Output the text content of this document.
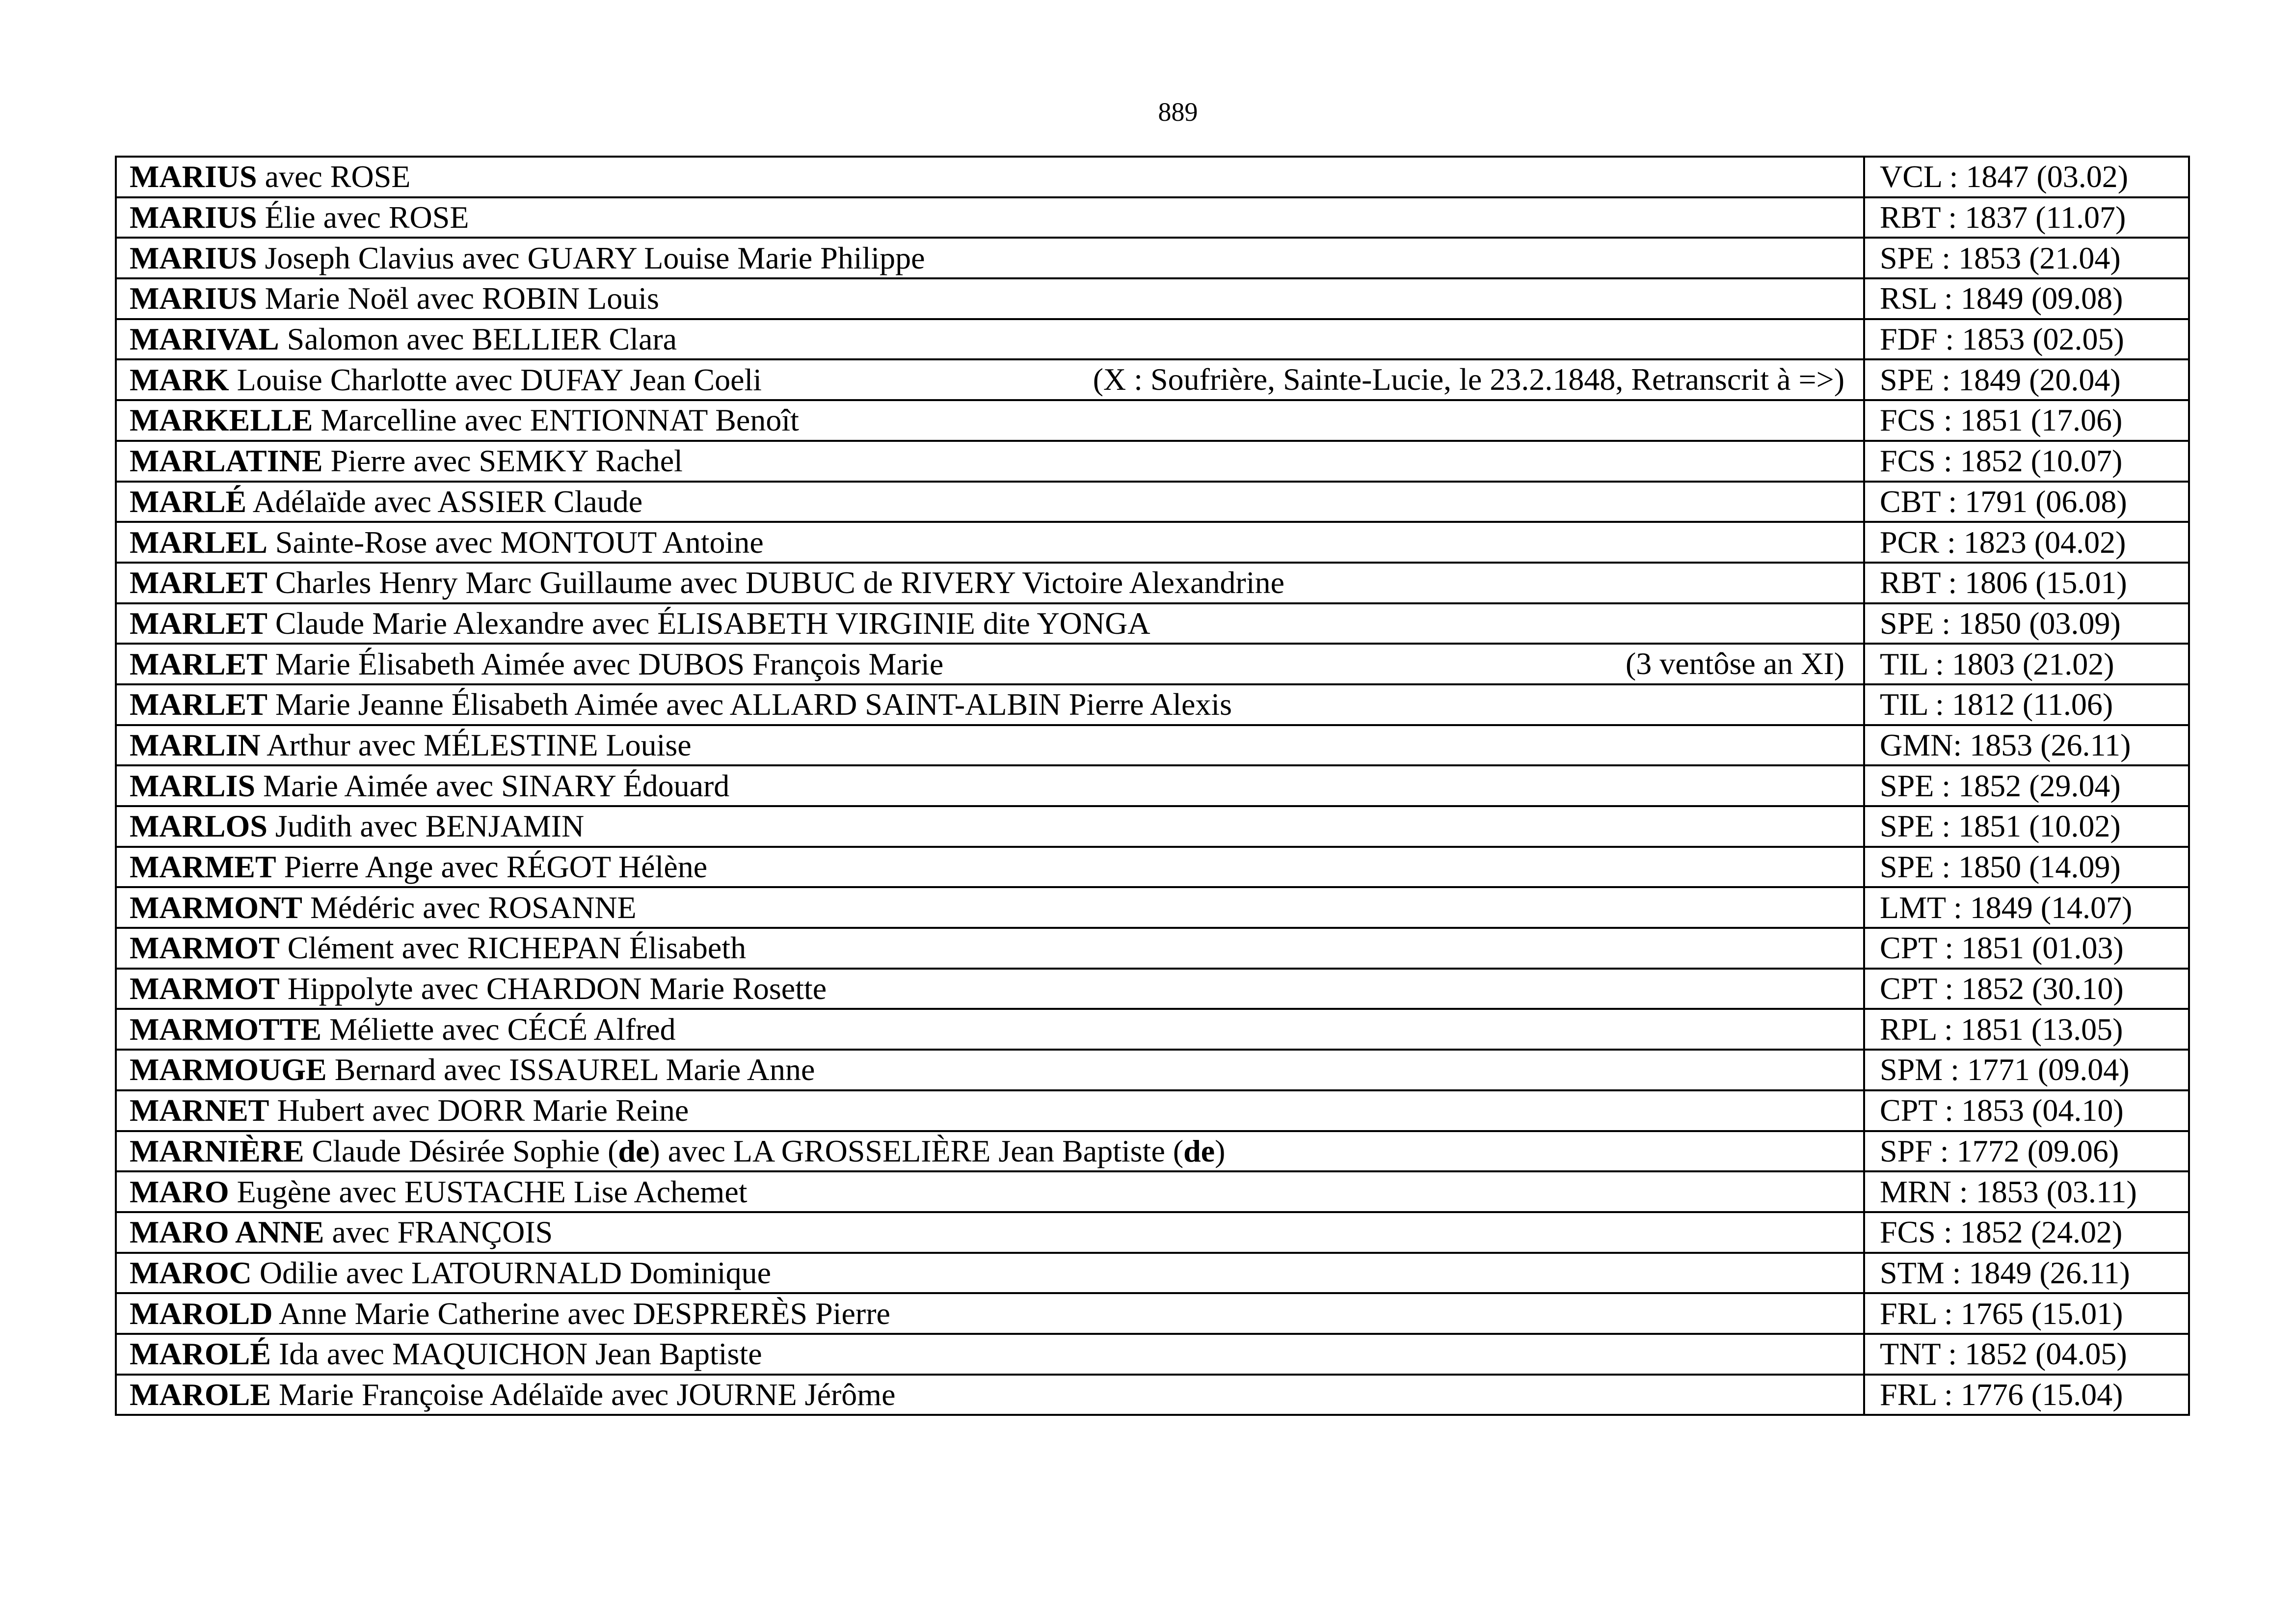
889
MARIUS avec ROSE	VCL : 1847 (03.02)
MARIUS Élie avec ROSE	RBT : 1837 (11.07)
MARIUS Joseph Clavius avec GUARY Louise Marie Philippe	SPE : 1853 (21.04)
MARIUS Marie Noël avec ROBIN Louis	RSL : 1849 (09.08)
MARIVAL Salomon avec BELLIER Clara	FDF : 1853 (02.05)
MARK Louise Charlotte avec DUFAY Jean Coeli (X : Soufrière, Sainte-Lucie, le 23.2.1848, Retranscrit à =>)	SPE : 1849 (20.04)
MARKELLE Marcelline avec ENTIONNAT Benoît	FCS : 1851 (17.06)
MARLATINE Pierre avec SEMKY Rachel	FCS : 1852 (10.07)
MARLÉ Adélaïde avec ASSIER Claude	CBT : 1791 (06.08)
MARLEL Sainte-Rose avec MONTOUT Antoine	PCR : 1823 (04.02)
MARLET Charles Henry Marc Guillaume avec DUBUC de RIVERY Victoire Alexandrine	RBT : 1806 (15.01)
MARLET Claude Marie Alexandre avec ÉLISABETH VIRGINIE dite YONGA	SPE : 1850 (03.09)
MARLET Marie Élisabeth Aimée avec DUBOS François Marie (3 ventôse an XI)	TIL : 1803 (21.02)
MARLET Marie Jeanne Élisabeth Aimée avec ALLARD SAINT-ALBIN Pierre Alexis	TIL : 1812 (11.06)
MARLIN Arthur avec MÉLESTINE Louise	GMN: 1853 (26.11)
MARLIS Marie Aimée avec SINARY Édouard	SPE : 1852 (29.04)
MARLOS Judith avec BENJAMIN	SPE : 1851 (10.02)
MARMET Pierre Ange avec RÉGOT Hélène	SPE : 1850 (14.09)
MARMONT Médéric avec ROSANNE	LMT : 1849 (14.07)
MARMOT Clément avec RICHEPAN Élisabeth	CPT : 1851 (01.03)
MARMOT Hippolyte avec CHARDON Marie Rosette	CPT : 1852 (30.10)
MARMOTTE Méliette avec CÉCÉ Alfred	RPL : 1851 (13.05)
MARMOUGE Bernard avec ISSAUREL Marie Anne	SPM : 1771 (09.04)
MARNET Hubert avec DORR Marie Reine	CPT : 1853 (04.10)
MARNIÈRE Claude Désirée Sophie (de) avec LA GROSSELIÈRE Jean Baptiste (de)	SPF : 1772 (09.06)
MARO Eugène avec EUSTACHE Lise Achemet	MRN : 1853 (03.11)
MARO ANNE avec FRANÇOIS	FCS : 1852 (24.02)
MAROC Odilie avec LATOURNALD Dominique	STM : 1849 (26.11)
MAROLD Anne Marie Catherine avec DESPRERÈS Pierre	FRL : 1765 (15.01)
MAROLÉ Ida avec MAQUICHON Jean Baptiste	TNT : 1852 (04.05)
MAROLE Marie Françoise Adélaïde avec JOURNE Jérôme	FRL : 1776 (15.04)
